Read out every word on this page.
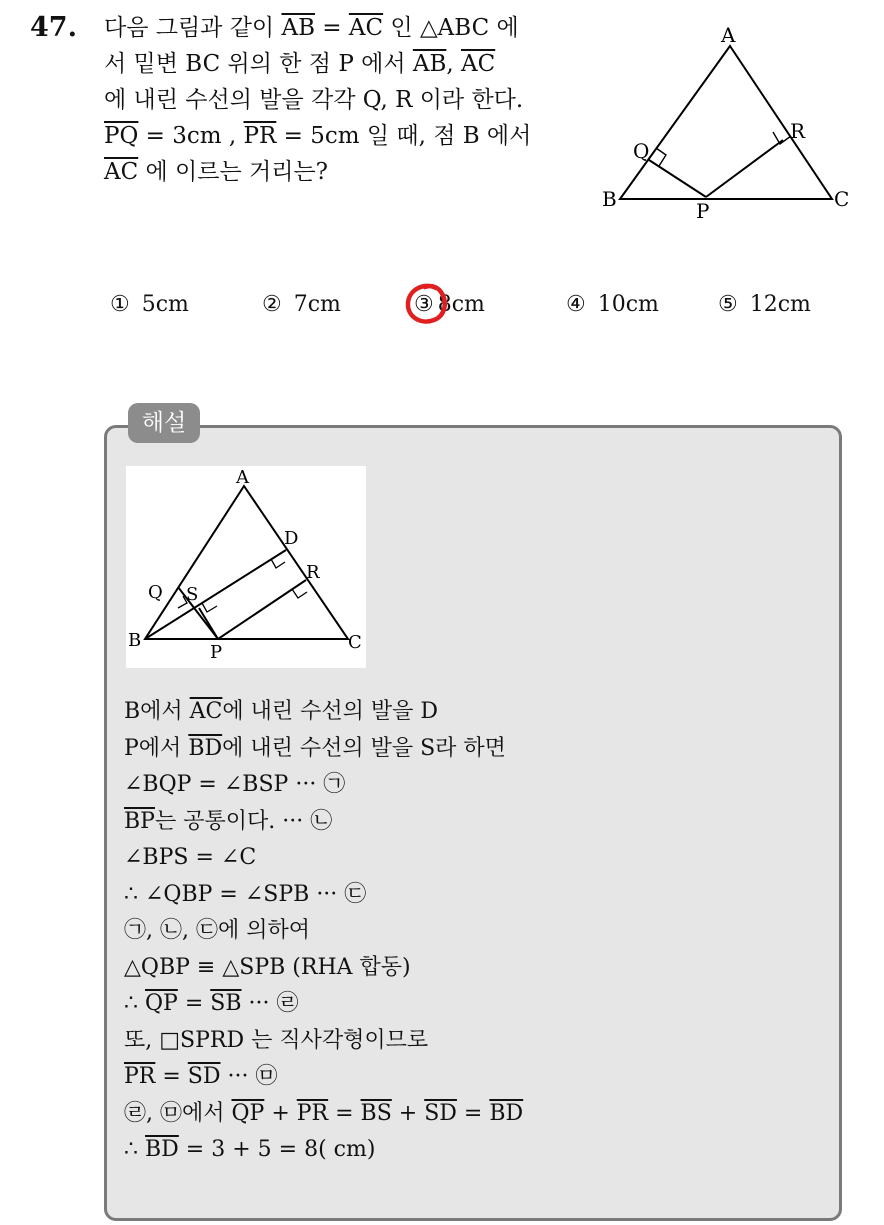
47. 다음 그림과 같이 $\overline{AB} = \overline{AC}$ 인 △ABC 에
서 밑변 BC 위의 한 점 P 에서 $\overline{AB}$, $\overline{AC}$
에 내린 수선의 발을 각각 Q, R 이라 한다.
$\overline{PQ} = 3cm$ , $\overline{PR} = 5cm$ 일 때, 점 B 에서
$\overline{AC}$ 에 이르는 거리는?
A
B	C
P
Q
R
① 5cm	② 7cm	③ 8cm	④ 10cm	⑤ 12cm
해설
A
B	C
D
P
Q
R
S
B에서 $\overline{AC}$에 내린 수선의 발을 D
P에서 $\overline{BD}$에 내린 수선의 발을 S라 하면
∠BQP = ∠BSP ··· ㉠
$\overline{BP}$는 공통이다. ··· ㉡
∠BPS = ∠C
∴ ∠QBP = ∠SPB ··· ㉢
㉠, ㉡, ㉢에 의하여
△QBP ≡ △SPB (RHA 합동)
∴ $\overline{QP} = \overline{SB}$ ··· ㉣
또, □SPRD 는 직사각형이므로
$\overline{PR} = \overline{SD}$ ··· ㉤
㉣, ㉤에서 $\overline{QP} + \overline{PR} = \overline{BS} + \overline{SD} = \overline{BD}$
∴ $\overline{BD} = 3 + 5 = 8$( cm)
